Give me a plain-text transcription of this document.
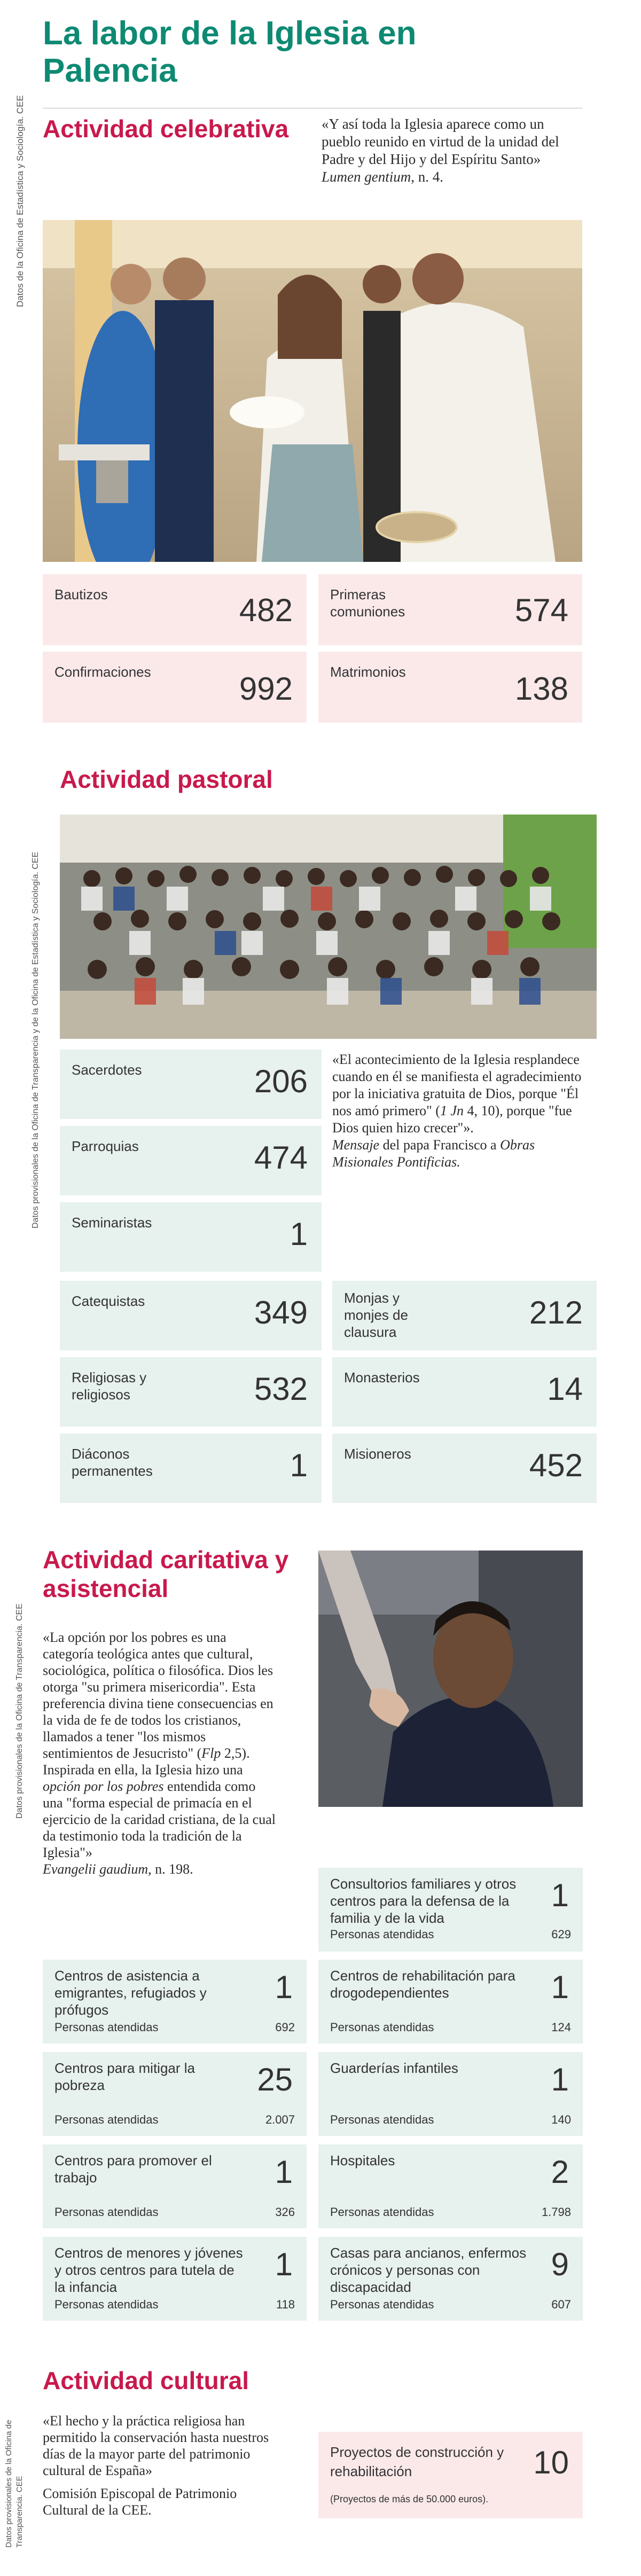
Datos de la Oficina de Estadística y Sociología. CEE
La labor de la Iglesia en Palencia
Actividad celebrativa «Y así toda la Iglesia aparece como un pueblo reunido en virtud de la unidad del Padre y del Hijo y del Espíritu Santo»
Lumen gentium, n. 4.
Bautizos	482	Primeras comuniones	574
Confirmaciones	992	Matrimonios	138
Datos provisionales de la Oficina de Transparencia y de la Oficina de Estadística y Sociología. CEE
Actividad pastoral
Sacerdotes	206
Parroquias	474
Seminaristas	1
«El acontecimiento de la Iglesia resplandece cuando en él se manifiesta el agradecimiento por la iniciativa gratuita de Dios, porque "Él nos amó primero" (1 Jn 4, 10), porque "fue Dios quien hizo crecer"».
Mensaje del papa Francisco a Obras Misionales Pontificias.
Catequistas	349	Monjas y monjes de clausura
212
Religiosas y religiosos	532	Monasterios	14
Diáconos permanentes	1	Misioneros	452
Datos provisionales de la Oficina de Transparencia. CEE
Actividad caritativa y asistencial
«La opción por los pobres es una categoría teológica antes que cultural, sociológica, política o filosófica. Dios les otorga "su primera misericordia". Esta preferencia divina tiene consecuencias en la vida de fe de todos los cristianos, llamados a tener "los mismos sentimientos de Jesucristo" (Flp 2,5). Inspirada en ella, la Iglesia hizo una opción por los pobres entendida como una "forma especial de primacía en el ejercicio de la caridad cristiana, de la cual da testimonio toda la tradición de la Iglesia"»
Evangelii gaudium, n. 198.
Consultorios familiares y otros centros para la defensa de la familia y de la vida
1
Personas atendidas	629
Centros de asistencia a emigrantes, refugiados y prófugos
1
Personas atendidas	692
Centros de rehabilitación para drogodependientes	1
Personas atendidas	124
Centros para mitigar la pobreza	25
Personas atendidas	2.007
Guarderías infantiles	1
Personas atendidas	140
Centros para promover el trabajo	1
Personas atendidas	326
Hospitales	2
Personas atendidas	1.798
Centros de menores y jóvenes y otros centros para tutela de la infancia
1
Personas atendidas	118
Casas para ancianos, enfermos crónicos y personas con discapacidad
9
Personas atendidas	607
Datos provisionales de la Oficina de Transparencia. CEE
Actividad cultural
«El hecho y la práctica religiosa han permitido la conservación hasta nuestros días de la mayor parte del patrimonio cultural de España»

Comisión Episcopal de Patrimonio Cultural de la CEE.
Proyectos de construcción y rehabilitación	10
(Proyectos de más de 50.000 euros).
